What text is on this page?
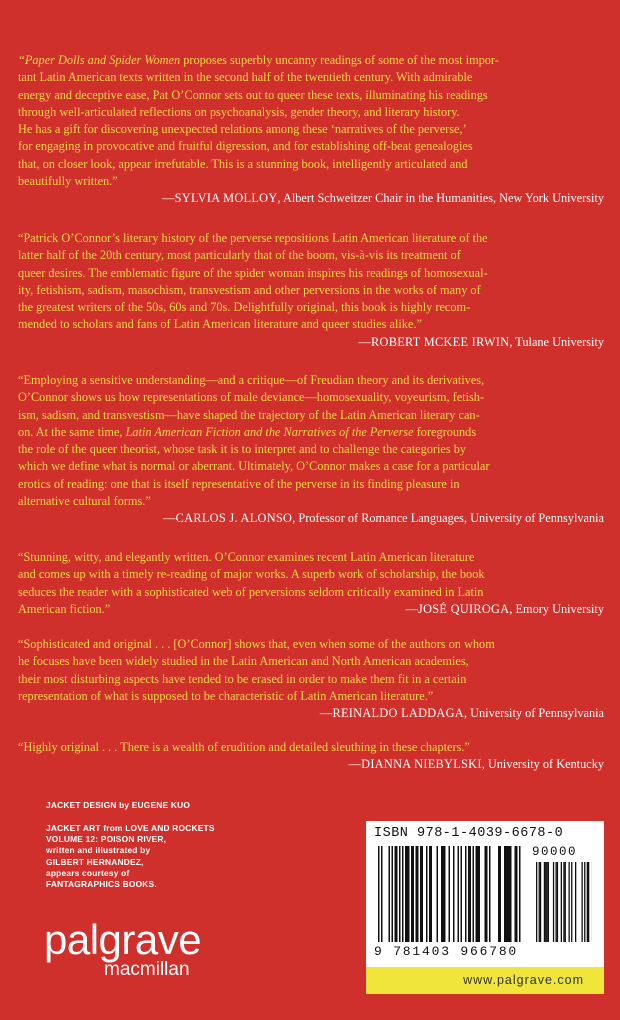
“Paper Dolls and Spider Women proposes superbly uncanny readings of some of the most impor-
tant Latin American texts written in the second half of the twentieth century. With admirable
energy and deceptive ease, Pat O’Connor sets out to queer these texts, illuminating his readings
through well-articulated reflections on psychoanalysis, gender theory, and literary history.
He has a gift for discovering unexpected relations among these ‘narratives of the perverse,’
for engaging in provocative and fruitful digression, and for establishing off-beat genealogies
that, on closer look, appear irrefutable. This is a stunning book, intelligently articulated and
beautifully written.”
—SYLVIA MOLLOY, Albert Schweitzer Chair in the Humanities, New York University
“Patrick O’Connor’s literary history of the perverse repositions Latin American literature of the
latter half of the 20th century, most particularly that of the boom, vis-à-vis its treatment of
queer desires. The emblematic figure of the spider woman inspires his readings of homosexual-
ity, fetishism, sadism, masochism, transvestism and other perversions in the works of many of
the greatest writers of the 50s, 60s and 70s. Delightfully original, this book is highly recom-
mended to scholars and fans of Latin American literature and queer studies alike.”
—ROBERT MCKEE IRWIN, Tulane University
“Employing a sensitive understanding—and a critique—of Freudian theory and its derivatives,
O’Connor shows us how representations of male deviance—homosexuality, voyeurism, fetish-
ism, sadism, and transvestism—have shaped the trajectory of the Latin American literary can-
on. At the same time, Latin American Fiction and the Narratives of the Perverse foregrounds
the role of the queer theorist, whose task it is to interpret and to challenge the categories by
which we define what is normal or aberrant. Ultimately, O’Connor makes a case for a particular
erotics of reading: one that is itself representative of the perverse in its finding pleasure in
alternative cultural forms.”
—CARLOS J. ALONSO, Professor of Romance Languages, University of Pennsylvania
“Stunning, witty, and elegantly written. O’Connor examines recent Latin American literature
and comes up with a timely re-reading of major works. A superb work of scholarship, the book
seduces the reader with a sophisticated web of perversions seldom critically examined in Latin
American fiction.”	—JOSÉ QUIROGA, Emory University
“Sophisticated and original . . . [O’Connor] shows that, even when some of the authors on whom
he focuses have been widely studied in the Latin American and North American academies,
their most disturbing aspects have tended to be erased in order to make them fit in a certain
representation of what is supposed to be characteristic of Latin American literature.”
—REINALDO LADDAGA, University of Pennsylvania
“Highly original . . . There is a wealth of erudition and detailed sleuthing in these chapters.”
—DIANNA NIEBYLSKI, University of Kentucky
JACKET DESIGN by EUGENE KUO
JACKET ART from LOVE AND ROCKETS
VOLUME 12: POISON RIVER,
written and illustrated by
GILBERT HERNANDEZ,
appears courtesy of
FANTAGRAPHICS BOOKS.
palgrave
macmillan
ISBN 978-1-4039-6678-0
90000
9 781403 966780
www.palgrave.com
